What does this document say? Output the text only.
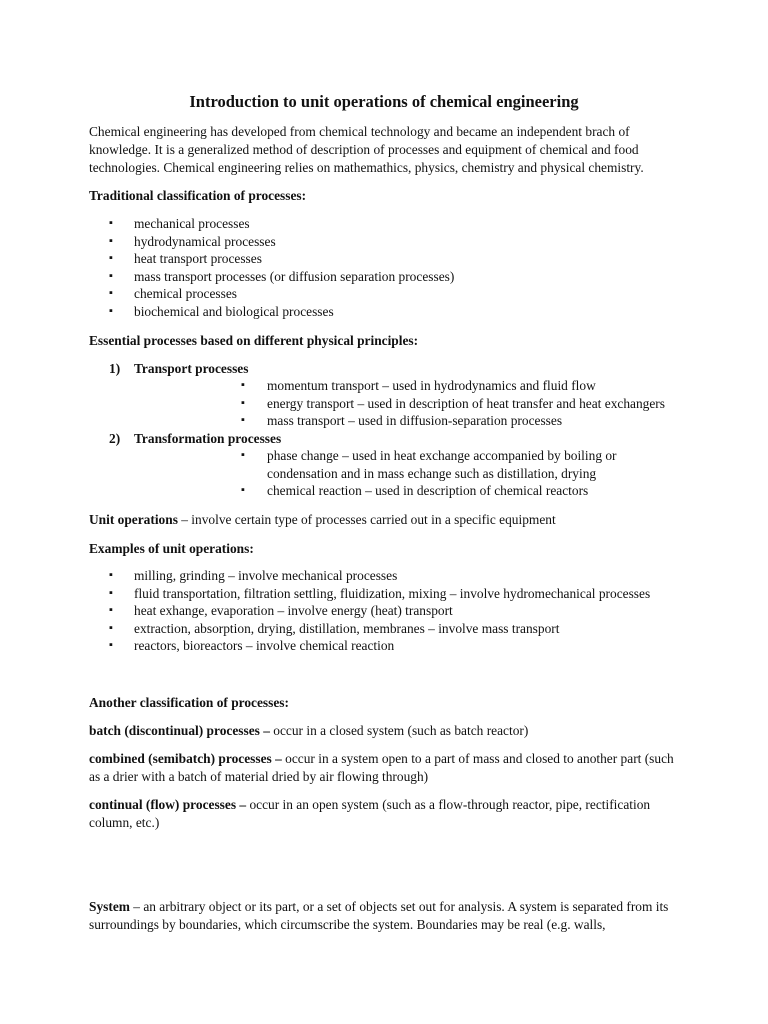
Introduction to unit operations of chemical engineering

Chemical engineering has developed from chemical technology and became an independent brach of knowledge. It is a generalized method of description of processes and equipment of chemical and food technologies. Chemical engineering relies on mathemathics, physics, chemistry and physical chemistry.

Traditional classification of processes:

▪ mechanical processes
▪ hydrodynamical processes
▪ heat transport processes
▪ mass transport processes (or diffusion separation processes)
▪ chemical processes
▪ biochemical and biological processes

Essential processes based on different physical principles:

1) Transport processes
▪ momentum transport – used in hydrodynamics and fluid flow
▪ energy transport – used in description of heat transfer and heat exchangers
▪ mass transport – used in diffusion-separation processes
2) Transformation processes
▪ phase change – used in heat exchange accompanied by boiling or condensation and in mass echange such as distillation, drying
▪ chemical reaction – used in description of chemical reactors

Unit operations – involve certain type of processes carried out in a specific equipment

Examples of unit operations:

▪ milling, grinding – involve mechanical processes
▪ fluid transportation, filtration settling, fluidization, mixing – involve hydromechanical processes
▪ heat exhange, evaporation – involve energy (heat) transport
▪ extraction, absorption, drying, distillation, membranes – involve mass transport
▪ reactors, bioreactors – involve chemical reaction

Another classification of processes:

batch (discontinual) processes – occur in a closed system (such as batch reactor)

combined (semibatch) processes – occur in a system open to a part of mass and closed to another part (such as a drier with a batch of material dried by air flowing through)

continual (flow) processes – occur in an open system (such as a flow-through reactor, pipe, rectification column, etc.)

System – an arbitrary object or its part, or a set of objects set out for analysis. A system is separated from its surroundings by boundaries, which circumscribe the system. Boundaries may be real (e.g. walls,
